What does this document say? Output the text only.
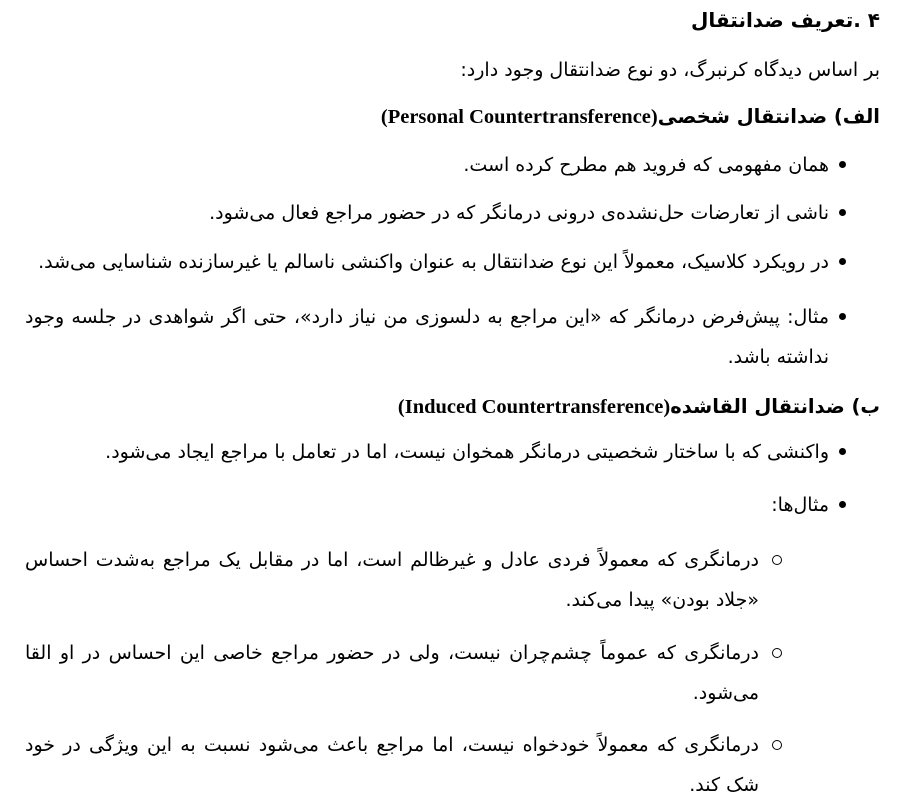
۴ .تعریف ضدانتقال

بر اساس دیدگاه کرنبرگ، دو نوع ضدانتقال وجود دارد:

الف) ضدانتقال شخصی(Personal Countertransference)
همان مفهومی که فروید هم مطرح کرده است.
ناشی از تعارضات حل‌نشده‌ی درونی درمانگر که در حضور مراجع فعال می‌شود.
در رویکرد کلاسیک، معمولاً این نوع ضدانتقال به عنوان واکنشی ناسالم یا غیرسازنده شناسایی می‌شد.
مثال: پیش‌فرض درمانگر که «این مراجع به دلسوزی من نیاز دارد»، حتی اگر شواهدی در جلسه وجود نداشته باشد.
ب) ضدانتقال القاشده(Induced Countertransference)
واکنشی که با ساختار شخصیتی درمانگر همخوان نیست، اما در تعامل با مراجع ایجاد می‌شود.
مثال‌ها:
درمانگری که معمولاً فردی عادل و غیرظالم است، اما در مقابل یک مراجع به‌شدت احساس «جلاد بودن» پیدا می‌کند.
درمانگری که عموماً چشم‌چران نیست، ولی در حضور مراجع خاصی این احساس در او القا می‌شود.
درمانگری که معمولاً خودخواه نیست، اما مراجع باعث می‌شود نسبت به این ویژگی در خود شک کند.
